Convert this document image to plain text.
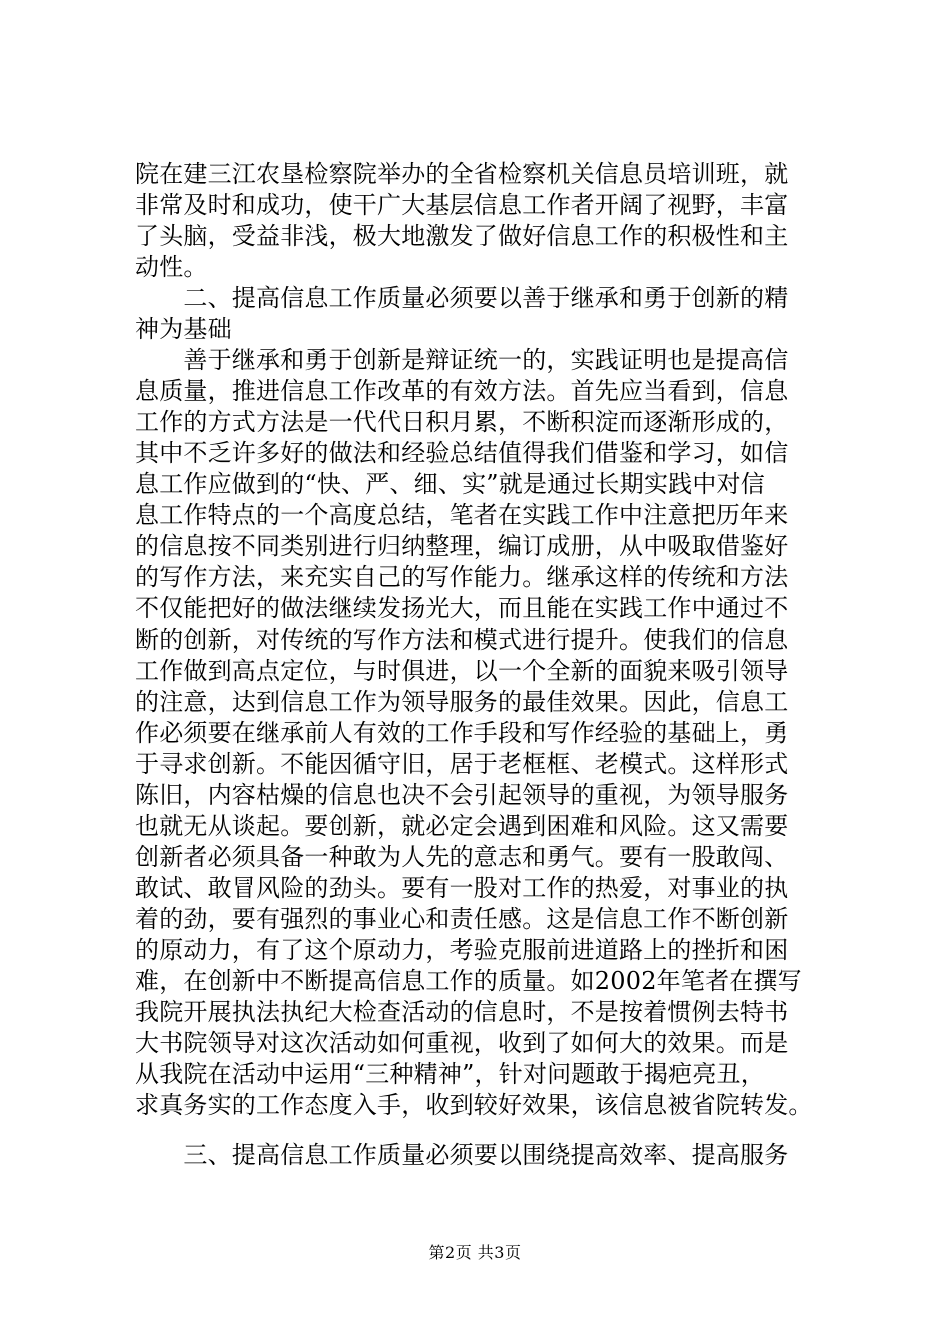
院在建三江农垦检察院举办的全省检察机关信息员培训班，就
非常及时和成功，使干广大基层信息工作者开阔了视野，丰富
了头脑，受益非浅，极大地激发了做好信息工作的积极性和主
动性。
　　二、提高信息工作质量必须要以善于继承和勇于创新的精
神为基础
　　善于继承和勇于创新是辩证统一的，实践证明也是提高信
息质量，推进信息工作改革的有效方法。首先应当看到，信息
工作的方式方法是一代代日积月累，不断积淀而逐渐形成的，
其中不乏许多好的做法和经验总结值得我们借鉴和学习，如信
息工作应做到的“快、严、细、实”就是通过长期实践中对信
息工作特点的一个高度总结，笔者在实践工作中注意把历年来
的信息按不同类别进行归纳整理，编订成册，从中吸取借鉴好
的写作方法，来充实自己的写作能力。继承这样的传统和方法
不仅能把好的做法继续发扬光大，而且能在实践工作中通过不
断的创新，对传统的写作方法和模式进行提升。使我们的信息
工作做到高点定位，与时俱进，以一个全新的面貌来吸引领导
的注意，达到信息工作为领导服务的最佳效果。因此，信息工
作必须要在继承前人有效的工作手段和写作经验的基础上，勇
于寻求创新。不能因循守旧，居于老框框、老模式。这样形式
陈旧，内容枯燥的信息也决不会引起领导的重视，为领导服务
也就无从谈起。要创新，就必定会遇到困难和风险。这又需要
创新者必须具备一种敢为人先的意志和勇气。要有一股敢闯、
敢试、敢冒风险的劲头。要有一股对工作的热爱，对事业的执
着的劲，要有强烈的事业心和责任感。这是信息工作不断创新
的原动力，有了这个原动力，考验克服前进道路上的挫折和困
难，在创新中不断提高信息工作的质量。如2002年笔者在撰写
我院开展执法执纪大检查活动的信息时，不是按着惯例去特书
大书院领导对这次活动如何重视，收到了如何大的效果。而是
从我院在活动中运用“三种精神”，针对问题敢于揭疤亮丑，
求真务实的工作态度入手，收到较好效果，该信息被省院转发。
　　三、提高信息工作质量必须要以围绕提高效率、提高服务
第2页 共3页
